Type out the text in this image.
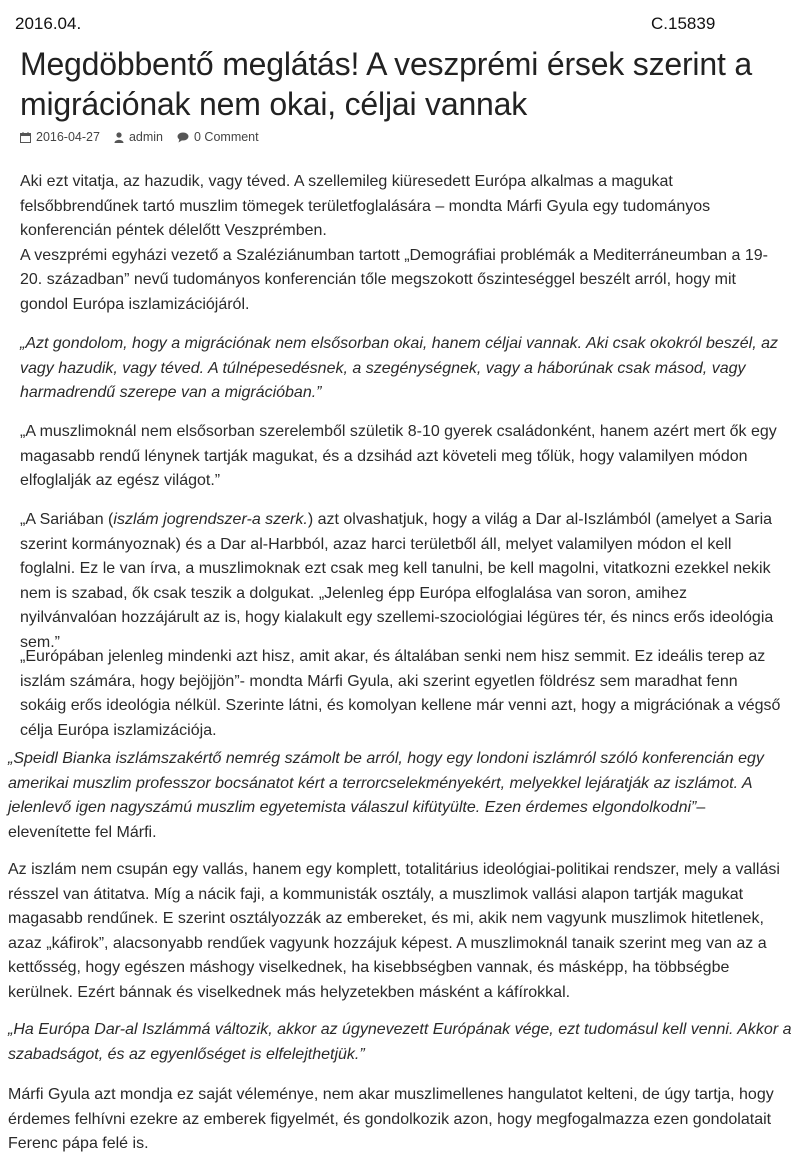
2016.04.	C.15839
Megdöbbentő meglátás! A veszprémi érsek szerint a migrációnak nem okai, céljai vannak
2016-04-27 admin 0 Comment

Aki ezt vitatja, az hazudik, vagy téved. A szellemileg kiüresedett Európa alkalmas a magukat felsőbbrendűnek tartó muszlim tömegek területfoglalására – mondta Márfi Gyula egy tudományos konferencián péntek délelőtt Veszprémben.

A veszprémi egyházi vezető a Szaléziánumban tartott „Demográfiai problémák a Mediterráneumban a 19-20. században” nevű tudományos konferencián tőle megszokott őszinteséggel beszélt arról, hogy mit gondol Európa iszlamizációjáról.

„Azt gondolom, hogy a migrációnak nem elsősorban okai, hanem céljai vannak. Aki csak okokról beszél, az vagy hazudik, vagy téved. A túlnépesedésnek, a szegénységnek, vagy a háborúnak csak másod, vagy harmadrendű szerepe van a migrációban.”
„A muszlimoknál nem elsősorban szerelemből születik 8-10 gyerek családonként, hanem azért mert ők egy magasabb rendű lénynek tartják magukat, és a dzsihád azt követeli meg tőlük, hogy valamilyen módon elfoglalják az egész világot.”
„A Sariában (iszlám jogrendszer-a szerk.) azt olvashatjuk, hogy a világ a Dar al-Iszlámból (amelyet a Saria szerint kormányoznak) és a Dar al-Harbból, azaz harci területből áll, melyet valamilyen módon el kell foglalni. Ez le van írva, a muszlimoknak ezt csak meg kell tanulni, be kell magolni, vitatkozni ezekkel nekik nem is szabad, ők csak teszik a dolgukat. „Jelenleg épp Európa elfoglalása van soron, amihez nyilvánvalóan hozzájárult az is, hogy kialakult egy szellemi-szociológiai légüres tér, és nincs erős ideológia sem.”
„Európában jelenleg mindenki azt hisz, amit akar, és általában senki nem hisz semmit. Ez ideális terep az iszlám számára, hogy bejöjjön”- mondta Márfi Gyula, aki szerint egyetlen földrész sem maradhat fenn sokáig erős ideológia nélkül. Szerinte látni, és komolyan kellene már venni azt, hogy a migrációnak a végső célja Európa iszlamizációja.
„Speidl Bianka iszlámszakértő nemrég számolt be arról, hogy egy londoni iszlámról szóló konferencián egy amerikai muszlim professzor bocsánatot kért a terrorcselekményekért, melyekkel lejáratják az iszlámot. A jelenlevő igen nagyszámú muszlim egyetemista válaszul kifütyülte. Ezen érdemes elgondolkodni”– elevenítette fel Márfi.
Az iszlám nem csupán egy vallás, hanem egy komplett, totalitárius ideológiai-politikai rendszer, mely a vallási résszel van átitatva. Míg a nácik faji, a kommunisták osztály, a muszlimok vallási alapon tartják magukat magasabb rendűnek. E szerint osztályozzák az embereket, és mi, akik nem vagyunk muszlimok hitetlenek, azaz „káfirok”, alacsonyabb rendűek vagyunk hozzájuk képest. A muszlimoknál tanaik szerint meg van az a kettősség, hogy egészen máshogy viselkednek, ha kisebbségben vannak, és másképp, ha többségbe kerülnek. Ezért bánnak és viselkednek más helyzetekben másként a káfírokkal.
„Ha Európa Dar-al Iszlámmá változik, akkor az úgynevezett Európának vége, ezt tudomásul kell venni. Akkor a szabadságot, és az egyenlőséget is elfelejthetjük.”
Márfi Gyula azt mondja ez saját véleménye, nem akar muszlimellenes hangulatot kelteni, de úgy tartja, hogy érdemes felhívni ezekre az emberek figyelmét, és gondolkozik azon, hogy megfogalmazza ezen gondolatait Ferenc pápa felé is.
